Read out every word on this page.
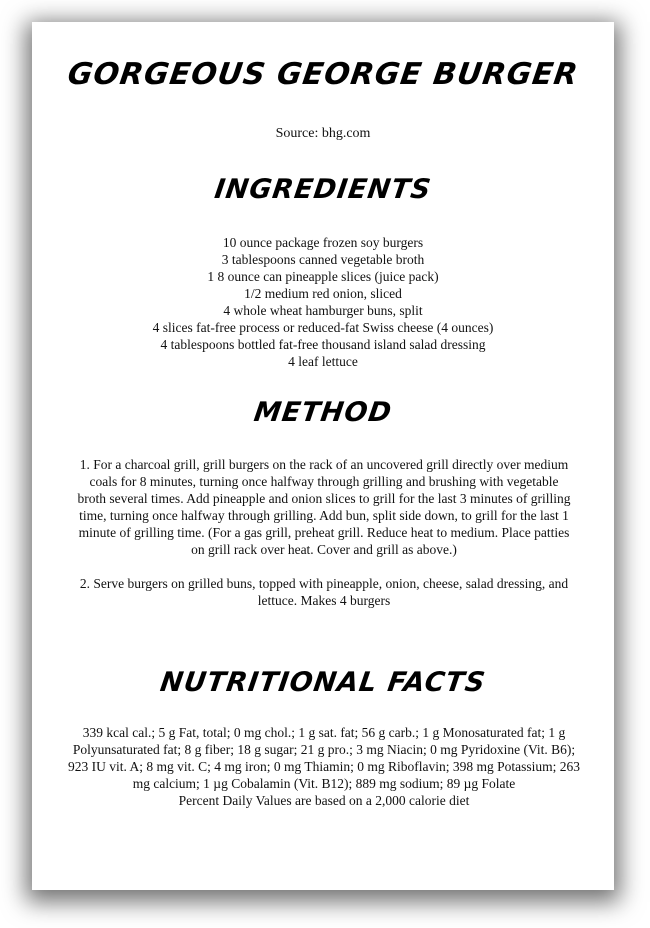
GORGEOUS GEORGE BURGER
Source: bhg.com
INGREDIENTS
10 ounce package frozen soy burgers
3 tablespoons canned vegetable broth
1 8 ounce can pineapple slices (juice pack)
1/2 medium red onion, sliced
4 whole wheat hamburger buns, split
4 slices fat-free process or reduced-fat Swiss cheese (4 ounces)
4 tablespoons bottled fat-free thousand island salad dressing
4 leaf lettuce
METHOD

1. For a charcoal grill, grill burgers on the rack of an uncovered grill directly over medium coals for 8 minutes, turning once halfway through grilling and brushing with vegetable broth several times. Add pineapple and onion slices to grill for the last 3 minutes of grilling time, turning once halfway through grilling. Add bun, split side down, to grill for the last 1 minute of grilling time. (For a gas grill, preheat grill. Reduce heat to medium. Place patties on grill rack over heat. Cover and grill as above.)

2. Serve burgers on grilled buns, topped with pineapple, onion, cheese, salad dressing, and lettuce. Makes 4 burgers

NUTRITIONAL FACTS

339 kcal cal.; 5 g Fat, total; 0 mg chol.; 1 g sat. fat; 56 g carb.; 1 g Monosaturated fat; 1 g Polyunsaturated fat; 8 g fiber; 18 g sugar; 21 g pro.; 3 mg Niacin; 0 mg Pyridoxine (Vit. B6); 923 IU vit. A; 8 mg vit. C; 4 mg iron; 0 mg Thiamin; 0 mg Riboflavin; 398 mg Potassium; 263 mg calcium; 1 µg Cobalamin (Vit. B12); 889 mg sodium; 89 µg Folate

Percent Daily Values are based on a 2,000 calorie diet
